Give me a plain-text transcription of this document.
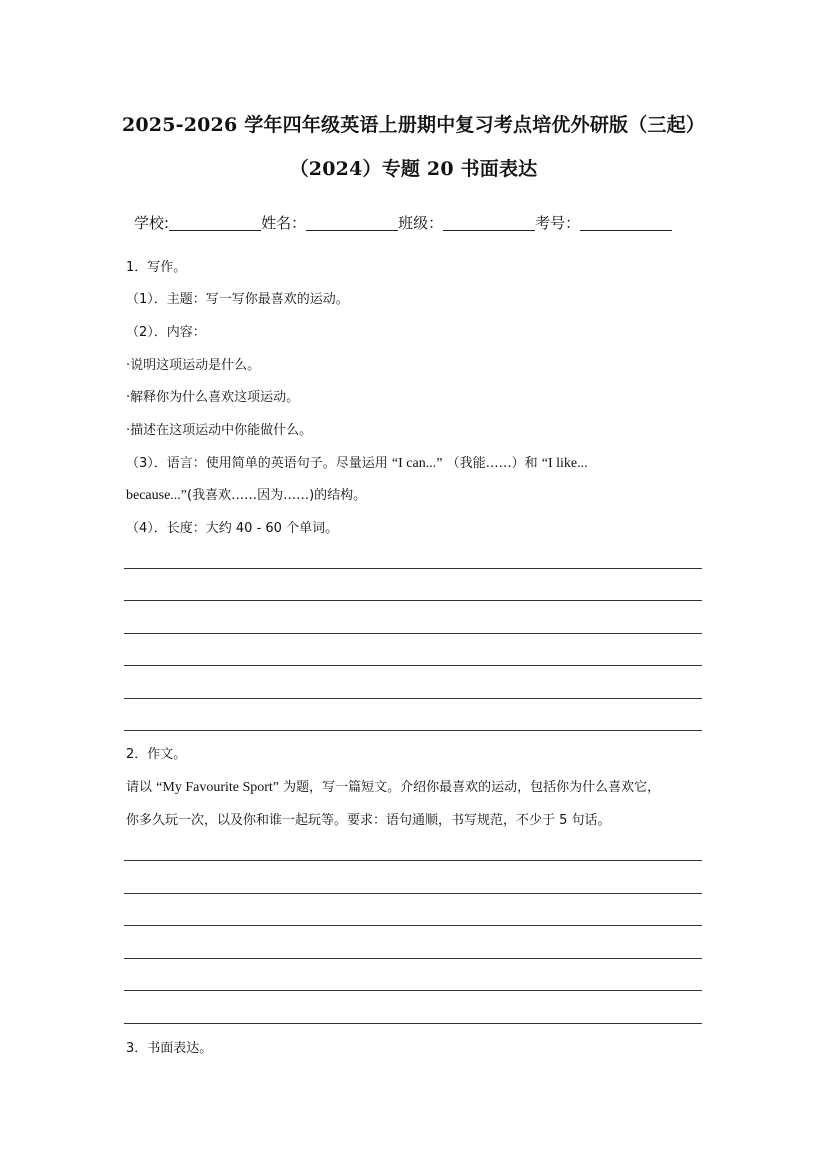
2025-2026 学年四年级英语上册期中复习考点培优外研版（三起）
（2024）专题 20 书面表达
学校:	姓名：	班级：	考号：
1．写作。
（1）．主题：写一写你最喜欢的运动。
（2）．内容：
·说明这项运动是什么。
·解释你为什么喜欢这项运动。
·描述在这项运动中你能做什么。
（3）．语言：使用简单的英语句子。尽量运用 “I can...” （我能……）和 “I like...
because...”(我喜欢……因为……)的结构。
（4）．长度：大约 40 - 60 个单词。
2．作文。
请以 “My Favourite Sport” 为题，写一篇短文。介绍你最喜欢的运动，包括你为什么喜欢它，
你多久玩一次，以及你和谁一起玩等。要求：语句通顺，书写规范，不少于 5 句话。
3．书面表达。
